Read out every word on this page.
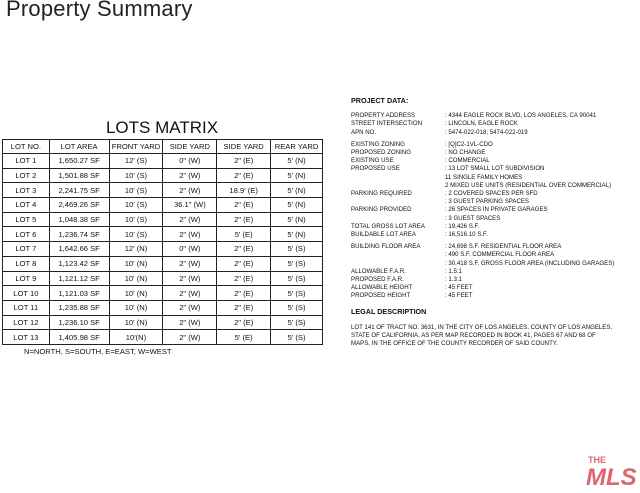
Property Summary
LOTS MATRIX
LOT NO.	LOT AREA	FRONT YARD	SIDE YARD	SIDE YARD	REAR YARD
LOT 1	1,650.27 SF	12' (S)	0" (W)	2" (E)	5' (N)
LOT 2	1,501.88 SF	10' (S)	2" (W)	2" (E)	5' (N)
LOT 3	2,241.75 SF	10' (S)	2" (W)	18.9' (E)	5' (N)
LOT 4	2,469.26 SF	10' (S)	36.1" (W)	2" (E)	5' (N)
LOT 5	1,048.38 SF	10' (S)	2" (W)	2" (E)	5' (N)
LOT 6	1,236.74 SF	10' (S)	2" (W)	5' (E)	5' (N)
LOT 7	1,642.66 SF	12' (N)	0" (W)	2" (E)	5' (S)
LOT 8	1,123.42 SF	10' (N)	2" (W)	2" (E)	5' (S)
LOT 9	1,121.12 SF	10' (N)	2" (W)	2" (E)	5' (S)
LOT 10	1,121.03 SF	10' (N)	2" (W)	2" (E)	5' (S)
LOT 11	1,235.88 SF	10' (N)	2" (W)	2" (E)	5' (S)
LOT 12	1,236.10 SF	10' (N)	2" (W)	2" (E)	5' (S)
LOT 13	1,405.98 SF	10'(N)	2" (W)	5' (E)	5' (S)
N=NORTH, S=SOUTH, E=EAST, W=WEST
PROJECT DATA:
PROPERTY ADDRESS	: 4344 EAGLE ROCK BLVD, LOS ANGELES, CA 90041
STREET INTERSECTION	: LINCOLN, EAGLE ROCK
APN NO.	: 5474-022-018; 5474-022-019
EXISTING ZONING	: [Q]C2-1VL-CDO
PROPOSED ZONING	: NO CHANGE
EXISTING USE	: COMMERCIAL
PROPOSED USE	: 13 LOT SMALL LOT SUBDIVISION
11 SINGLE FAMILY HOMES
2 MIXED USE UNITS (RESIDENTIAL OVER COMMERCIAL)
PARKING REQUIRED	: 2 COVERED SPACES PER SFD
: 3 GUEST PARKING SPACES
PARKING PROVIDED	: 26 SPACES IN PRIVATE GARAGES
: 3 GUEST SPACES
TOTAL GROSS LOT AREA	: 19,426 S.F.
BUILDABLE LOT AREA	: 16,516.10 S.F.
BUILDING FLOOR AREA	: 24,698 S.F. RESIDENTIAL FLOOR AREA
: 490 S.F. COMMERCIAL FLOOR AREA
: 30,418 S.F. GROSS FLOOR AREA (INCLUDING GARAGES)
ALLOWABLE F.A.R.	: 1.5:1
PROPOSED F.A.R.	: 1.3:1
ALLOWABLE HEIGHT	: 45 FEET
PROPOSED HEIGHT	: 45 FEET
LEGAL DESCRIPTION
LOT 141 OF TRACT NO. 3631, IN THE CITY OF LOS ANGELES, COUNTY OF LOS ANGELES, STATE OF CALIFORNIA, AS PER MAP RECORDED IN BOOK 41, PAGES 67 AND 68 OF MAPS, IN THE OFFICE OF THE COUNTY RECORDER OF SAID COUNTY.
THE
MLS
